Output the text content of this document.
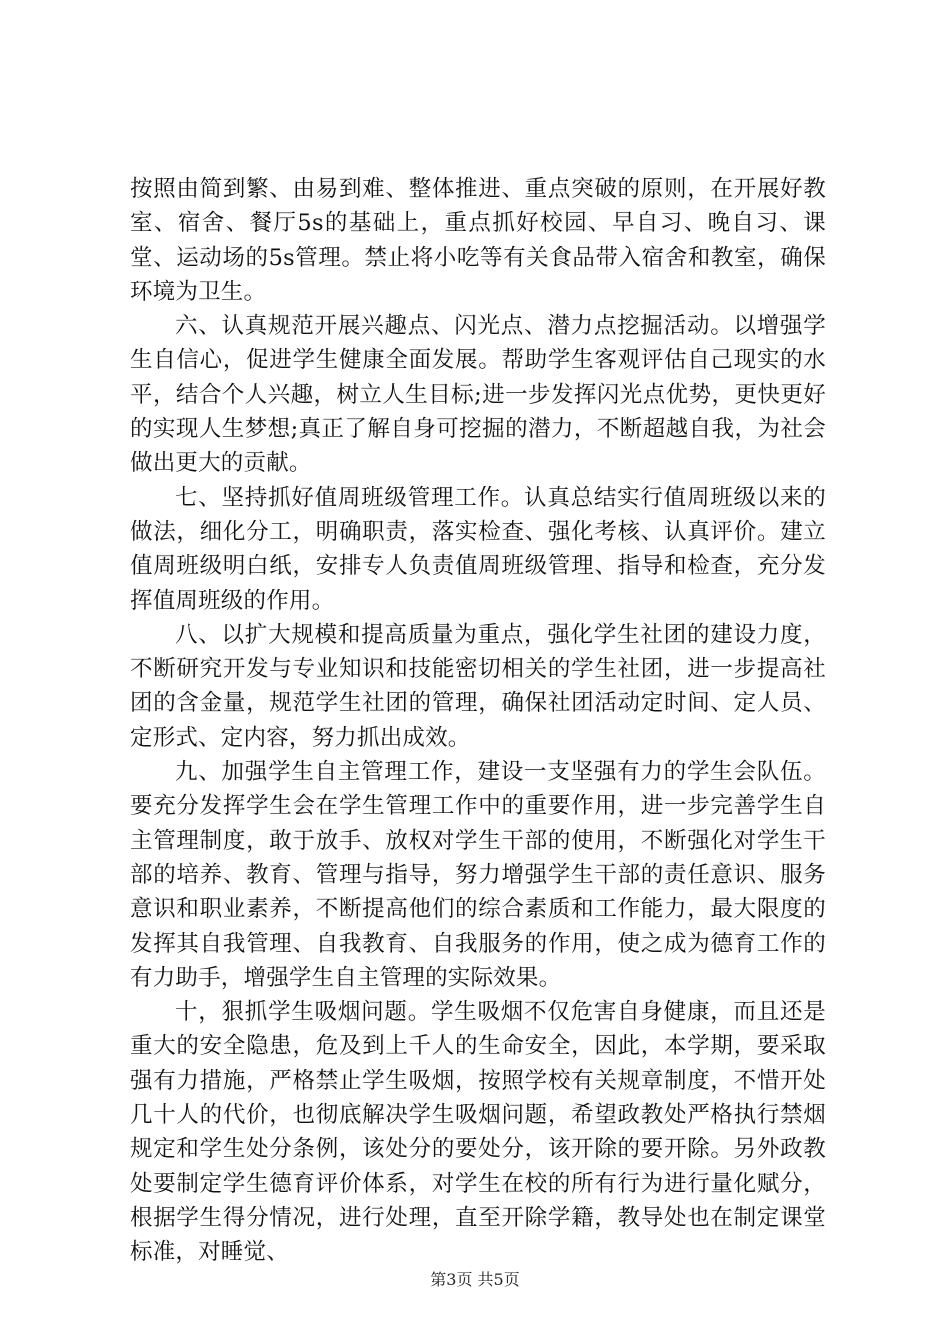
按照由简到繁、由易到难、整体推进、重点突破的原则，在开展好教室、宿舍、餐厅5s的基础上，重点抓好校园、早自习、晚自习、课堂、运动场的5s管理。禁止将小吃等有关食品带入宿舍和教室，确保环境为卫生。

六、认真规范开展兴趣点、闪光点、潜力点挖掘活动。以增强学生自信心，促进学生健康全面发展。帮助学生客观评估自己现实的水平，结合个人兴趣，树立人生目标;进一步发挥闪光点优势，更快更好的实现人生梦想;真正了解自身可挖掘的潜力，不断超越自我，为社会做出更大的贡献。

七、坚持抓好值周班级管理工作。认真总结实行值周班级以来的做法，细化分工，明确职责，落实检查、强化考核、认真评价。建立值周班级明白纸，安排专人负责值周班级管理、指导和检查，充分发挥值周班级的作用。

八、以扩大规模和提高质量为重点，强化学生社团的建设力度，不断研究开发与专业知识和技能密切相关的学生社团，进一步提高社团的含金量，规范学生社团的管理，确保社团活动定时间、定人员、定形式、定内容，努力抓出成效。

九、加强学生自主管理工作，建设一支坚强有力的学生会队伍。要充分发挥学生会在学生管理工作中的重要作用，进一步完善学生自主管理制度，敢于放手、放权对学生干部的使用，不断强化对学生干部的培养、教育、管理与指导，努力增强学生干部的责任意识、服务意识和职业素养，不断提高他们的综合素质和工作能力，最大限度的发挥其自我管理、自我教育、自我服务的作用，使之成为德育工作的有力助手，增强学生自主管理的实际效果。

十，狠抓学生吸烟问题。学生吸烟不仅危害自身健康，而且还是重大的安全隐患，危及到上千人的生命安全，因此，本学期，要采取强有力措施，严格禁止学生吸烟，按照学校有关规章制度，不惜开处几十人的代价，也彻底解决学生吸烟问题，希望政教处严格执行禁烟规定和学生处分条例，该处分的要处分，该开除的要开除。另外政教处要制定学生德育评价体系，对学生在校的所有行为进行量化赋分，根据学生得分情况，进行处理，直至开除学籍，教导处也在制定课堂标准，对睡觉、

第3页 共5页
